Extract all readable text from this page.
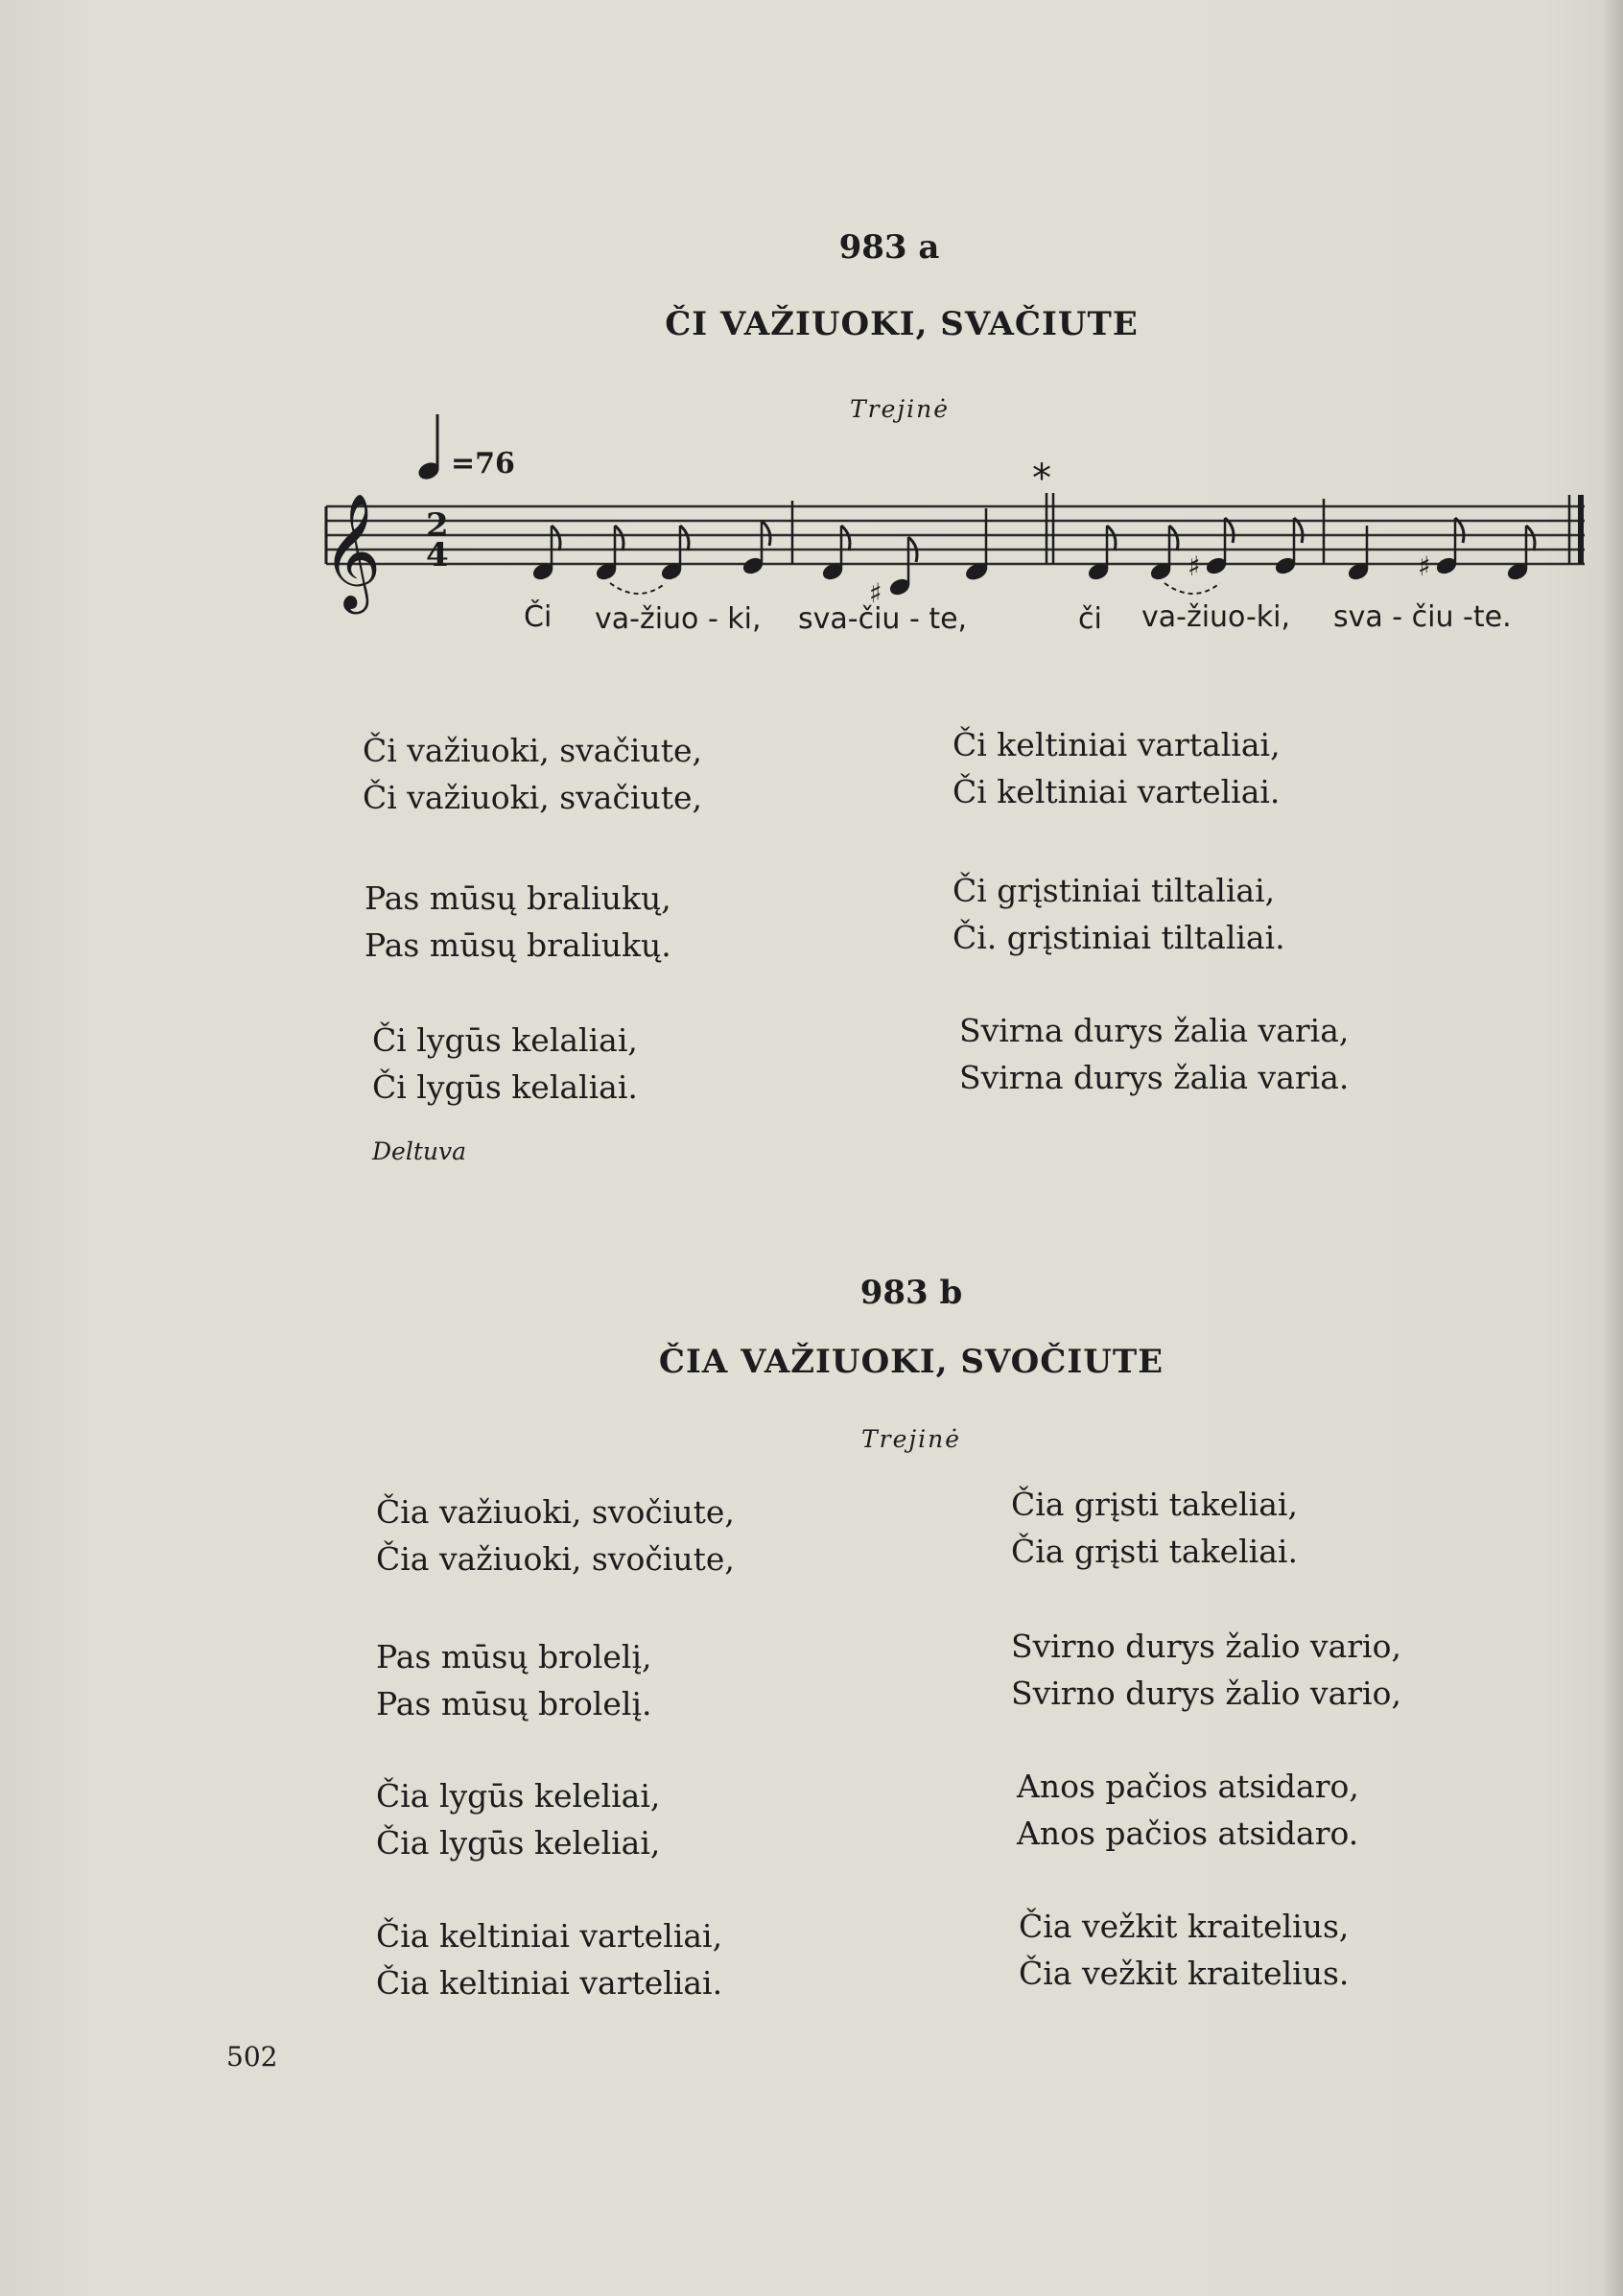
983 a
ČI VAŽIUOKI, SVAČIUTE
Trejinė
𝄞 2
4
*
♯
♯	♯
=76
Či va-žiuo - ki, sva-čiu - te,	či va-žiuo-ki, sva - čiu -te.
Či važiuoki, svačiute,
Či važiuoki, svačiute,
Pas mūsų braliukų,
Pas mūsų braliukų.
Či lygūs kelaliai,
Či lygūs kelaliai.
Či keltiniai vartaliai,
Či keltiniai varteliai.
Či grįstiniai tiltaliai,
Či. grįstiniai tiltaliai.
Svirna durys žalia varia,
Svirna durys žalia varia.
Deltuva
983 b
ČIA VAŽIUOKI, SVOČIUTE
Trejinė
Čia važiuoki, svočiute,
Čia važiuoki, svočiute,
Pas mūsų brolelį,
Pas mūsų brolelį.
Čia lygūs keleliai,
Čia lygūs keleliai,
Čia keltiniai varteliai,
Čia keltiniai varteliai.
Čia grįsti takeliai,
Čia grįsti takeliai.
Svirno durys žalio vario,
Svirno durys žalio vario,
Anos pačios atsidaro,
Anos pačios atsidaro.
Čia vežkit kraitelius,
Čia vežkit kraitelius.
502
